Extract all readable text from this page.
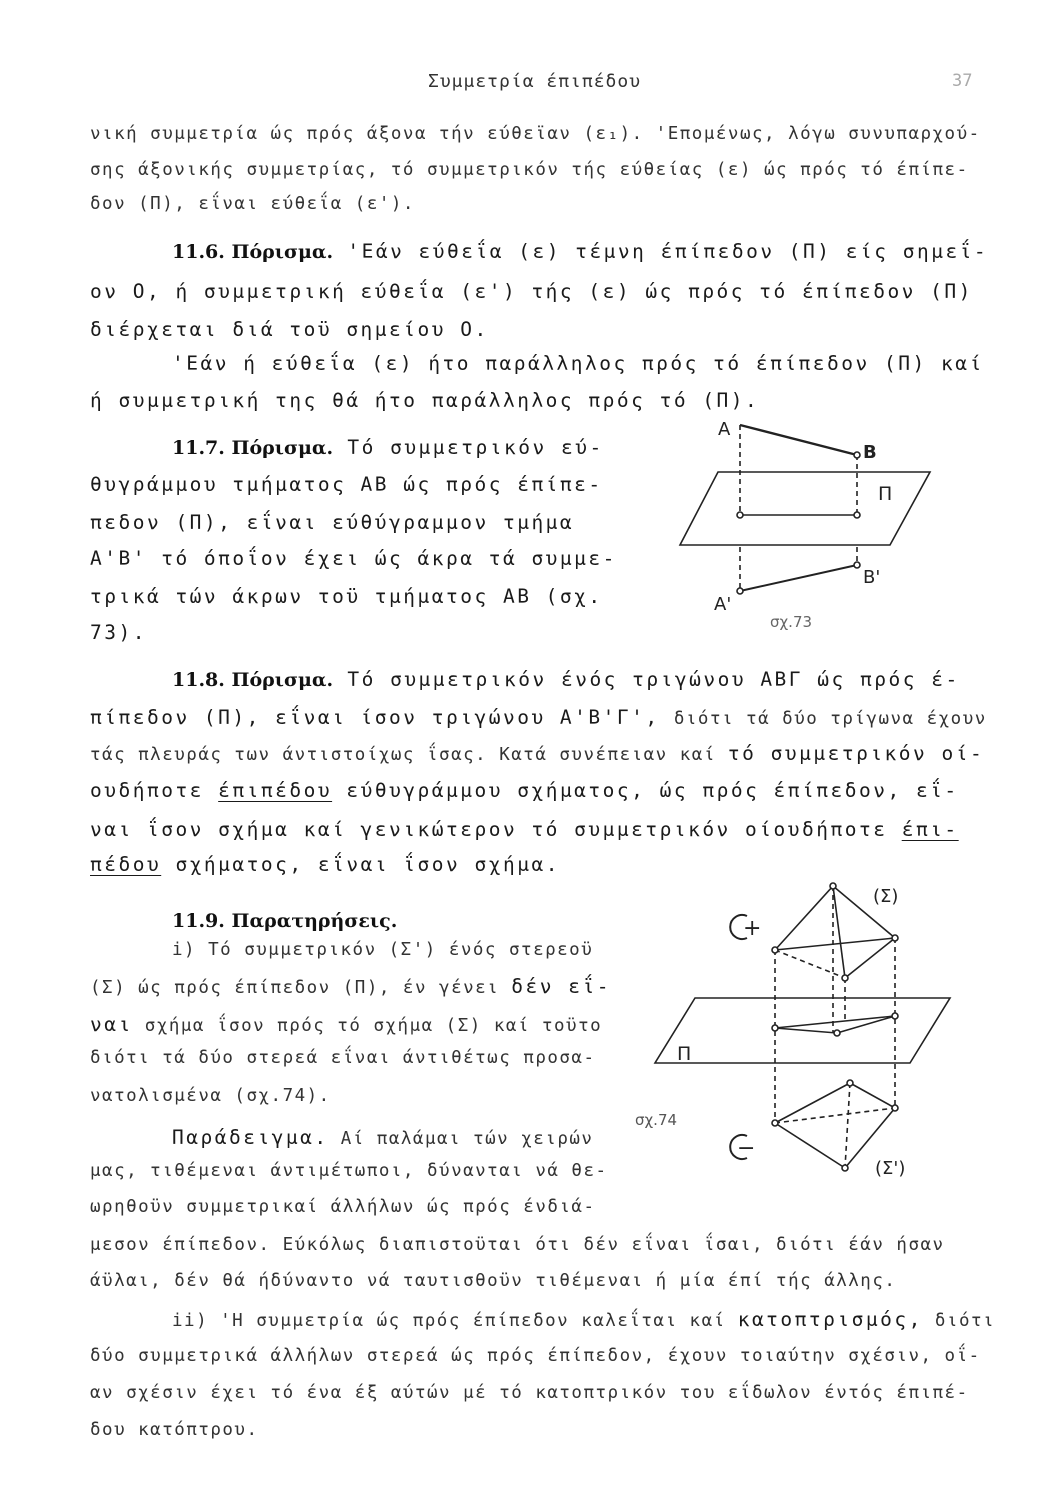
Συμμετρία έπιπέδου	37
νική συμμετρία ώς πρός άξονα τήν εύθεϊαν (ε₁). 'Επομένως, λόγω συνυπαρχού-
σης άξονικής συμμετρίας, τό συμμετρικόν τής εύθείας (ε) ώς πρός τό έπίπε-
δον (Π), εΐναι εύθεΐα (ε').
11.6. Πόρισμα. 'Εάν εύθεΐα (ε) τέμνη έπίπεδον (Π) είς σημεΐ-
ον Ο, ή συμμετρική εύθεΐα (ε') τής (ε) ώς πρός τό έπίπεδον (Π)
διέρχεται διά τοϋ σημείου Ο.
'Εάν ή εύθεΐα (ε) ήτο παράλληλος πρός τό έπίπεδον (Π) καί
ή συμμετρική της θά ήτο παράλληλος πρός τό (Π).
11.7. Πόρισμα. Τό συμμετρικόν εύ-
θυγράμμου τμήματος ΑΒ ώς πρός έπίπε-
πεδον (Π), εΐναι εύθύγραμμον τμήμα
Α'Β' τό όποΐον έχει ώς άκρα τά συμμε-
τρικά τών άκρων τοϋ τμήματος ΑΒ (σχ.
73).
Α
Β
Π
Β'
Α'
σχ.73
11.8. Πόρισμα. Τό συμμετρικόν ένός τριγώνου ΑΒΓ ώς πρός έ-
πίπεδον (Π), εΐναι ίσον τριγώνου Α'Β'Γ', διότι τά δύο τρίγωνα έχουν
τάς πλευράς των άντιστοίχως ΐσας. Κατά συνέπειαν καί τό συμμετρικόν οί-
ουδήποτε έπιπέδου εύθυγράμμου σχήματος, ώς πρός έπίπεδον, εΐ-
ναι ΐσον σχήμα καί γενικώτερον τό συμμετρικόν οίουδήποτε έπι-
πέδου σχήματος, εΐναι ΐσον σχήμα.
11.9. Παρατηρήσεις.
i) Τό συμμετρικόν (Σ') ένός στερεοϋ
(Σ) ώς πρός έπίπεδον (Π), έν γένει δέν εΐ-
ναι σχήμα ΐσον πρός τό σχήμα (Σ) καί τοϋτο
διότι τά δύο στερεά εΐναι άντιθέτως προσα-
νατολισμένα (σχ.74).
Παράδειγμα. Αί παλάμαι τών χειρών
μας, τιθέμεναι άντιμέτωποι, δύνανται νά θε-
ωρηθοϋν συμμετρικαί άλλήλων ώς πρός ένδιά-
μεσον έπίπεδον. Εύκόλως διαπιστοϋται ότι δέν εΐναι ΐσαι, διότι έάν ήσαν
άϋλαι, δέν θά ήδύναντο νά ταυτισθοϋν τιθέμεναι ή μία έπί τής άλλης.
ii) 'Η συμμετρία ώς πρός έπίπεδον καλεΐται καί κατοπτρισμός, διότι
δύο συμμετρικά άλλήλων στερεά ώς πρός έπίπεδον, έχουν τοιαύτην σχέσιν, οΐ-
αν σχέσιν έχει τό ένα έξ αύτών μέ τό κατοπτρικόν του εΐδωλον έντός έπιπέ-
δου κατόπτρου.
+
−
(Σ)
(Σ')
Π
σχ.74
